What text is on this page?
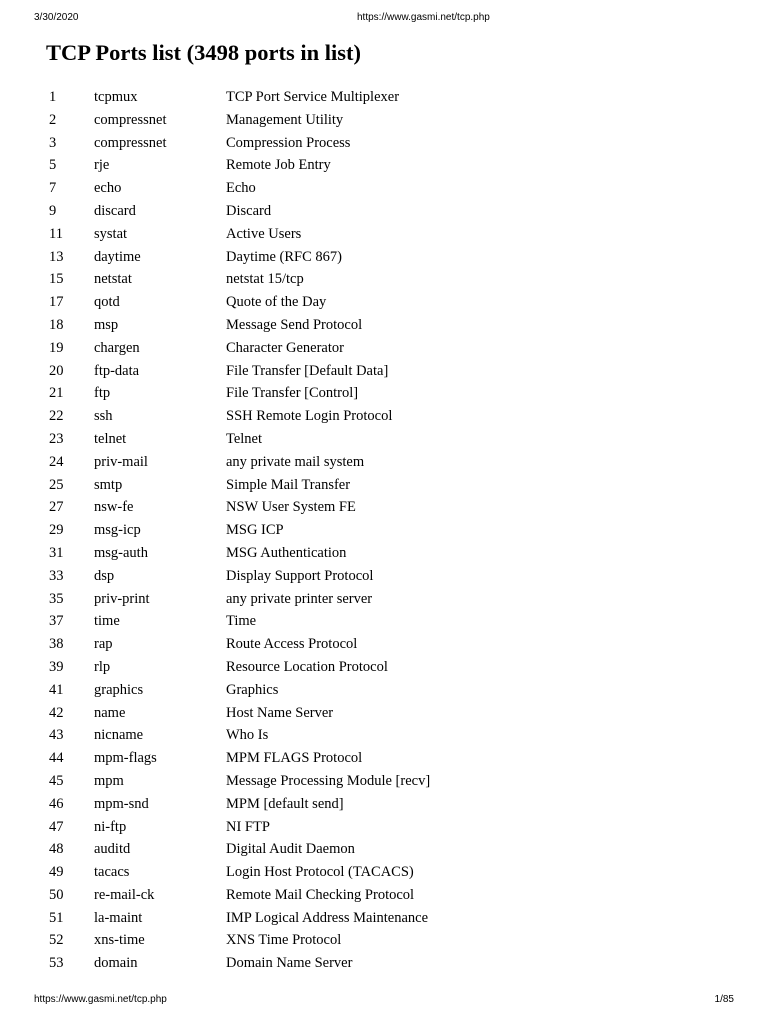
3/30/2020	https://www.gasmi.net/tcp.php
TCP Ports list (3498 ports in list)
1	tcpmux	TCP Port Service Multiplexer
2	compressnet	Management Utility
3	compressnet	Compression Process
5	rje	Remote Job Entry
7	echo	Echo
9	discard	Discard
11 systat	Active Users
13 daytime	Daytime (RFC 867)
15 netstat	netstat 15/tcp
17 qotd	Quote of the Day
18 msp	Message Send Protocol
19 chargen	Character Generator
20 ftp-data	File Transfer [Default Data]
21 ftp	File Transfer [Control]
22 ssh	SSH Remote Login Protocol
23 telnet	Telnet
24 priv-mail	any private mail system
25 smtp	Simple Mail Transfer
27 nsw-fe	NSW User System FE
29 msg-icp	MSG ICP
31 msg-auth	MSG Authentication
33 dsp	Display Support Protocol
35 priv-print	any private printer server
37 time	Time
38 rap	Route Access Protocol
39 rlp	Resource Location Protocol
41 graphics	Graphics
42 name	Host Name Server
43 nicname	Who Is
44 mpm-flags	MPM FLAGS Protocol
45 mpm	Message Processing Module [recv]
46 mpm-snd	MPM [default send]
47 ni-ftp	NI FTP
48 auditd	Digital Audit Daemon
49 tacacs	Login Host Protocol (TACACS)
50 re-mail-ck	Remote Mail Checking Protocol
51 la-maint	IMP Logical Address Maintenance
52 xns-time	XNS Time Protocol
53 domain	Domain Name Server
https://www.gasmi.net/tcp.php	1/85
